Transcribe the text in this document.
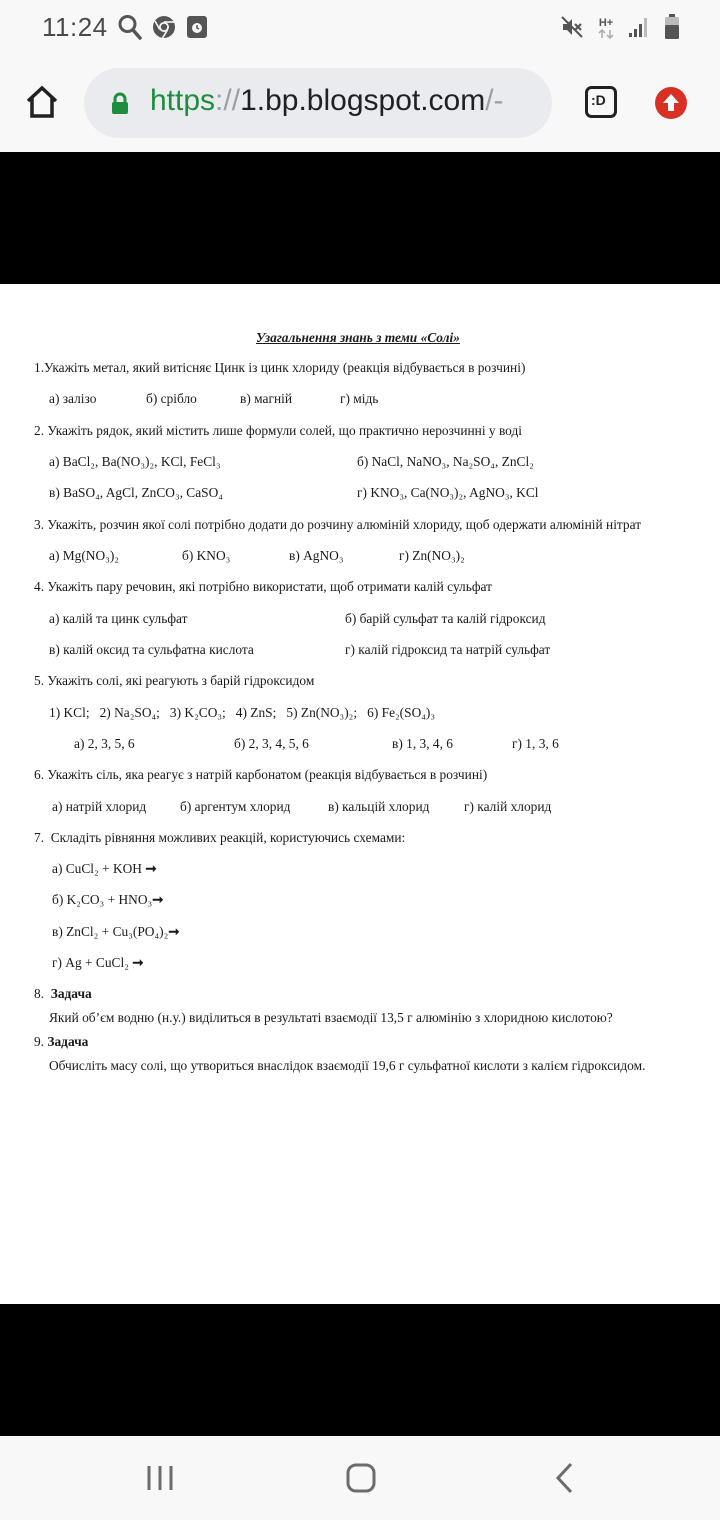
11:24	H+

https://1.bp.blogspot.com/-	:D
Узагальнення знань з теми «Солі»
1.Укажіть метал, який витісняє Цинк із цинк хлориду (реакція відбувається в розчині)
а) залізо	б) срібло	в) магній	г) мідь
2. Укажіть рядок, який містить лише формули солей, що практично нерозчинні у воді
а) BaCl₂, Ba(NO₃)₂, KCl, FeCl₃	б) NaCl, NaNO₃, Na₂SO₄, ZnCl₂
в) BaSO₄, AgCl, ZnCO₃, CaSO₄	г) KNO₃, Ca(NO₃)₂, AgNO₃, KCl
3. Укажіть, розчин якої солі потрібно додати до розчину алюміній хлориду, щоб одержати алюміній нітрат
а) Mg(NO₃)₂	б) KNO₃	в) AgNO₃	г) Zn(NO₃)₂
4. Укажіть пару речовин, які потрібно використати, щоб отримати калій сульфат
а) калій та цинк сульфат	б) барій сульфат та калій гідроксид
в) калій оксид та сульфатна кислота	г) калій гідроксид та натрій сульфат
5. Укажіть солі, які реагують з барій гідроксидом
1) KCl;   2) Na₂SO₄;   3) K₂CO₃;   4) ZnS;   5) Zn(NO₃)₂;   6) Fe₂(SO₄)₃
а) 2, 3, 5, 6	б) 2, 3, 4, 5, 6	в) 1, 3, 4, 6	г) 1, 3, 6
6. Укажіть сіль, яка реагує з натрій карбонатом (реакція відбувається в розчині)
а) натрій хлорид	б) аргентум хлорид	в) кальцій хлорид	г) калій хлорид
7.  Складіть рівняння можливих реакцій, користуючись схемами:
а) CuCl₂ + KOH ➞
б) K₂CO₃ + HNO₃➞
в) ZnCl₂ + Cu₃(PO₄)₂➞
г) Ag + CuCl₂ ➞
8. Задача
Який об’єм водню (н.у.) виділиться в результаті взаємодії 13,5 г алюмінію з хлоридною кислотою?
9. Задача
Обчисліть масу солі, що утвориться внаслідок взаємодії 19,6 г сульфатної кислоти з калієм гідроксидом.
